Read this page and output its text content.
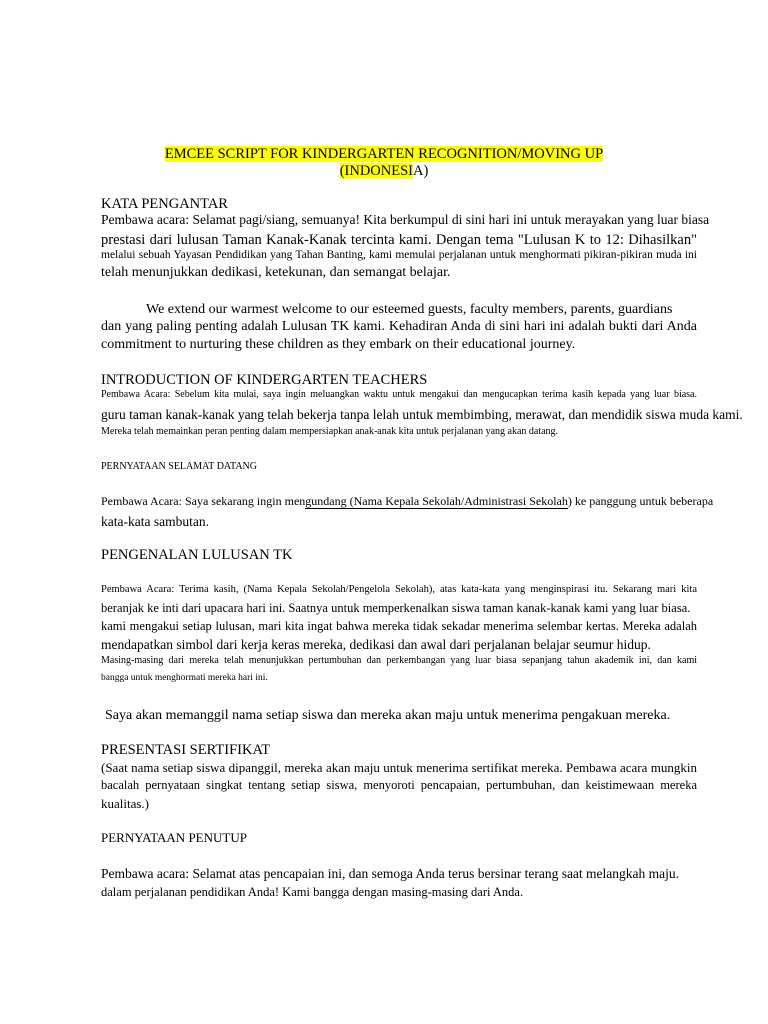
EMCEE SCRIPT FOR KINDERGARTEN RECOGNITION/MOVING UP
(INDONESIA)
KATA PENGANTAR
Pembawa acara: Selamat pagi/siang, semuanya! Kita berkumpul di sini hari ini untuk merayakan yang luar biasa
prestasi dari lulusan Taman Kanak-Kanak tercinta kami. Dengan tema "Lulusan K to 12: Dihasilkan"
melalui sebuah Yayasan Pendidikan yang Tahan Banting, kami memulai perjalanan untuk menghormati pikiran-pikiran muda ini
telah menunjukkan dedikasi, ketekunan, dan semangat belajar.
We extend our warmest welcome to our esteemed guests, faculty members, parents, guardians
dan yang paling penting adalah Lulusan TK kami. Kehadiran Anda di sini hari ini adalah bukti dari Anda
commitment to nurturing these children as they embark on their educational journey.
INTRODUCTION OF KINDERGARTEN TEACHERS
Pembawa Acara: Sebelum kita mulai, saya ingin meluangkan waktu untuk mengakui dan mengucapkan terima kasih kepada yang luar biasa.
guru taman kanak-kanak yang telah bekerja tanpa lelah untuk membimbing, merawat, dan mendidik siswa muda kami.
Mereka telah memainkan peran penting dalam mempersiapkan anak-anak kita untuk perjalanan yang akan datang.
PERNYATAAN SELAMAT DATANG
Pembawa Acara: Saya sekarang ingin mengundang (Nama Kepala Sekolah/Administrasi Sekolah) ke panggung untuk beberapa
kata-kata sambutan.
PENGENALAN LULUSAN TK
Pembawa Acara: Terima kasih, (Nama Kepala Sekolah/Pengelola Sekolah), atas kata-kata yang menginspirasi itu. Sekarang mari kita
beranjak ke inti dari upacara hari ini. Saatnya untuk memperkenalkan siswa taman kanak-kanak kami yang luar biasa.
kami mengakui setiap lulusan, mari kita ingat bahwa mereka tidak sekadar menerima selembar kertas. Mereka adalah
mendapatkan simbol dari kerja keras mereka, dedikasi dan awal dari perjalanan belajar seumur hidup.
Masing-masing dari mereka telah menunjukkan pertumbuhan dan perkembangan yang luar biasa sepanjang tahun akademik ini, dan kami
bangga untuk menghormati mereka hari ini.
Saya akan memanggil nama setiap siswa dan mereka akan maju untuk menerima pengakuan mereka.
PRESENTASI SERTIFIKAT
(Saat nama setiap siswa dipanggil, mereka akan maju untuk menerima sertifikat mereka. Pembawa acara mungkin
bacalah pernyataan singkat tentang setiap siswa, menyoroti pencapaian, pertumbuhan, dan keistimewaan mereka
kualitas.)
PERNYATAAN PENUTUP
Pembawa acara: Selamat atas pencapaian ini, dan semoga Anda terus bersinar terang saat melangkah maju.
dalam perjalanan pendidikan Anda! Kami bangga dengan masing-masing dari Anda.
